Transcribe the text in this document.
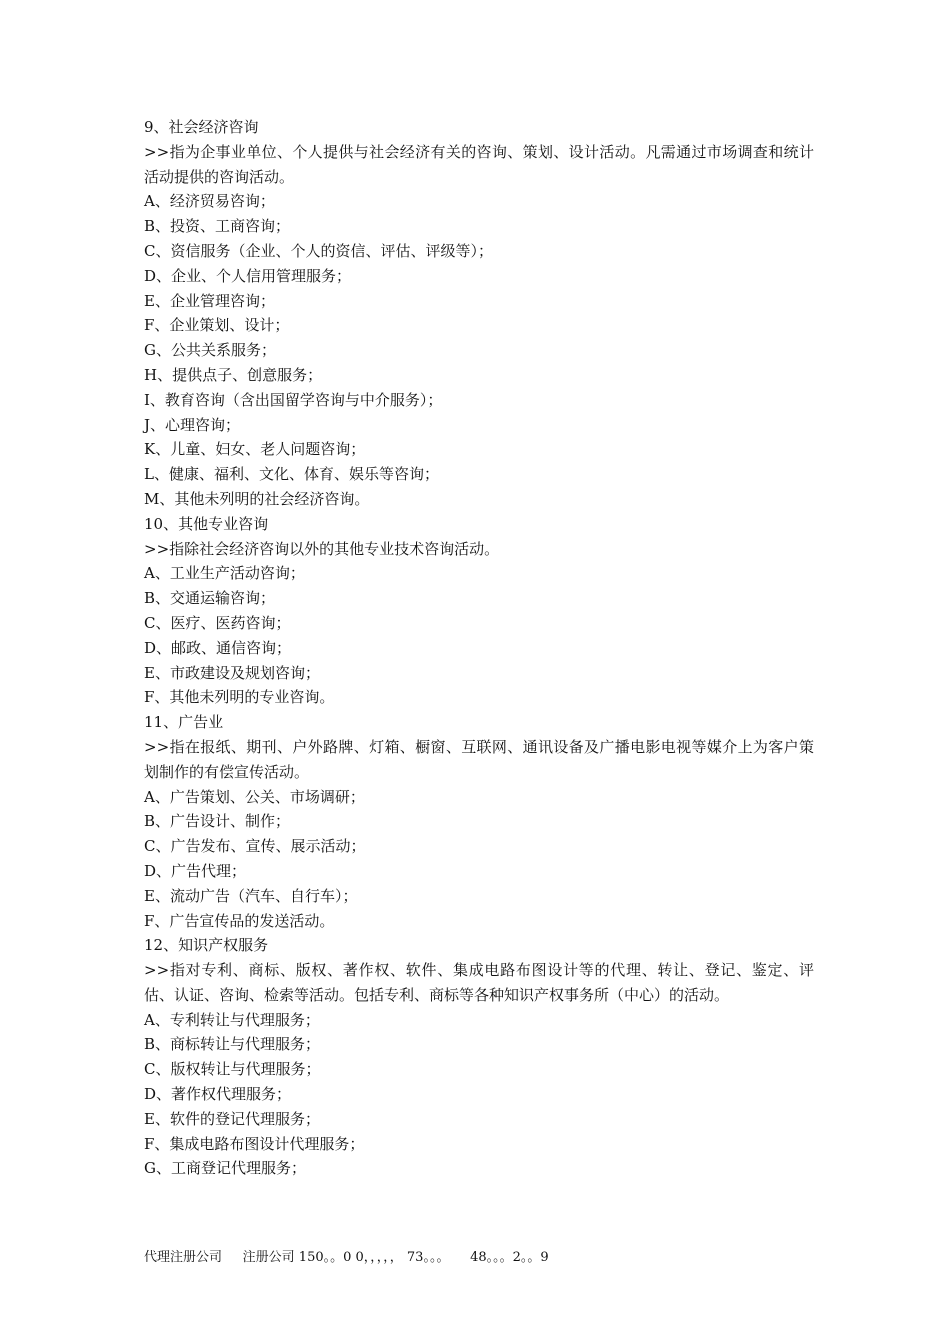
9、社会经济咨询

>>指为企事业单位、个人提供与社会经济有关的咨询、策划、设计活动。凡需通过市场调查和统计活动提供的咨询活动。

A、经济贸易咨询；

B、投资、工商咨询；

C、资信服务（企业、个人的资信、评估、评级等）；

D、企业、个人信用管理服务；

E、企业管理咨询；

F、企业策划、设计；

G、公共关系服务；

H、提供点子、创意服务；

I、教育咨询（含出国留学咨询与中介服务）；

J、心理咨询；

K、儿童、妇女、老人问题咨询；

L、健康、福利、文化、体育、娱乐等咨询；

M、其他未列明的社会经济咨询。

10、其他专业咨询

>>指除社会经济咨询以外的其他专业技术咨询活动。

A、工业生产活动咨询；

B、交通运输咨询；

C、医疗、医药咨询；

D、邮政、通信咨询；

E、市政建设及规划咨询；

F、其他未列明的专业咨询。

11、广告业

>>指在报纸、期刊、户外路牌、灯箱、橱窗、互联网、通讯设备及广播电影电视等媒介上为客户策划制作的有偿宣传活动。

A、广告策划、公关、市场调研；

B、广告设计、制作；

C、广告发布、宣传、展示活动；

D、广告代理；

E、流动广告（汽车、自行车）；

F、广告宣传品的发送活动。

12、知识产权服务

>>指对专利、商标、版权、著作权、软件、集成电路布图设计等的代理、转让、登记、鉴定、评估、认证、咨询、检索等活动。包括专利、商标等各种知识产权事务所（中心）的活动。

A、专利转让与代理服务；

B、商标转让与代理服务；

C、版权转让与代理服务；

D、著作权代理服务；

E、软件的登记代理服务；

F、集成电路布图设计代理服务；

G、工商登记代理服务；

代理注册公司     注册公司 150。。0 0，，，，， 73。。。     48。。。2。。9
